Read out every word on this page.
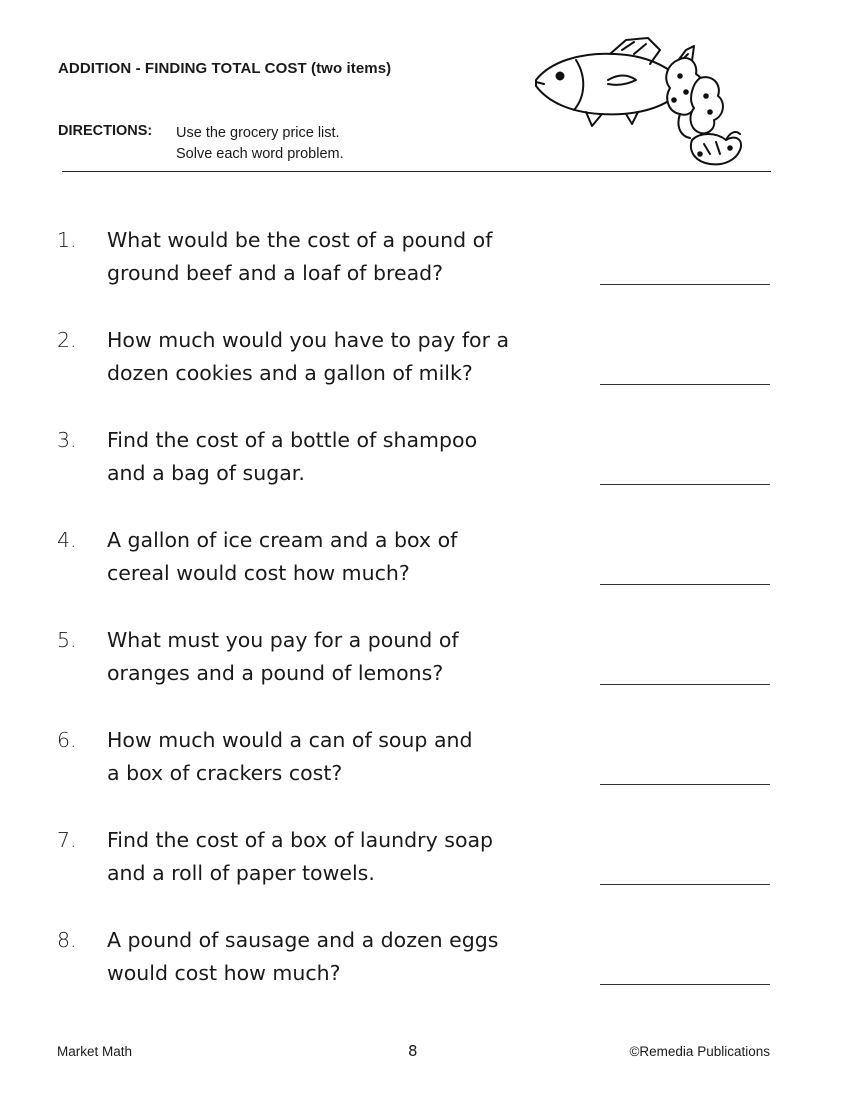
ADDITION - FINDING TOTAL COST (two items)
DIRECTIONS: Use the grocery price list.
Solve each word problem.
1. What would be the cost of a pound of
ground beef and a loaf of bread?
2. How much would you have to pay for a
dozen cookies and a gallon of milk?
3. Find the cost of a bottle of shampoo
and a bag of sugar.
4. A gallon of ice cream and a box of
cereal would cost how much?
5. What must you pay for a pound of
oranges and a pound of lemons?
6. How much would a can of soup and
a box of crackers cost?
7. Find the cost of a box of laundry soap
and a roll of paper towels.
8. A pound of sausage and a dozen eggs
would cost how much?
Market Math	8	©Remedia Publications
